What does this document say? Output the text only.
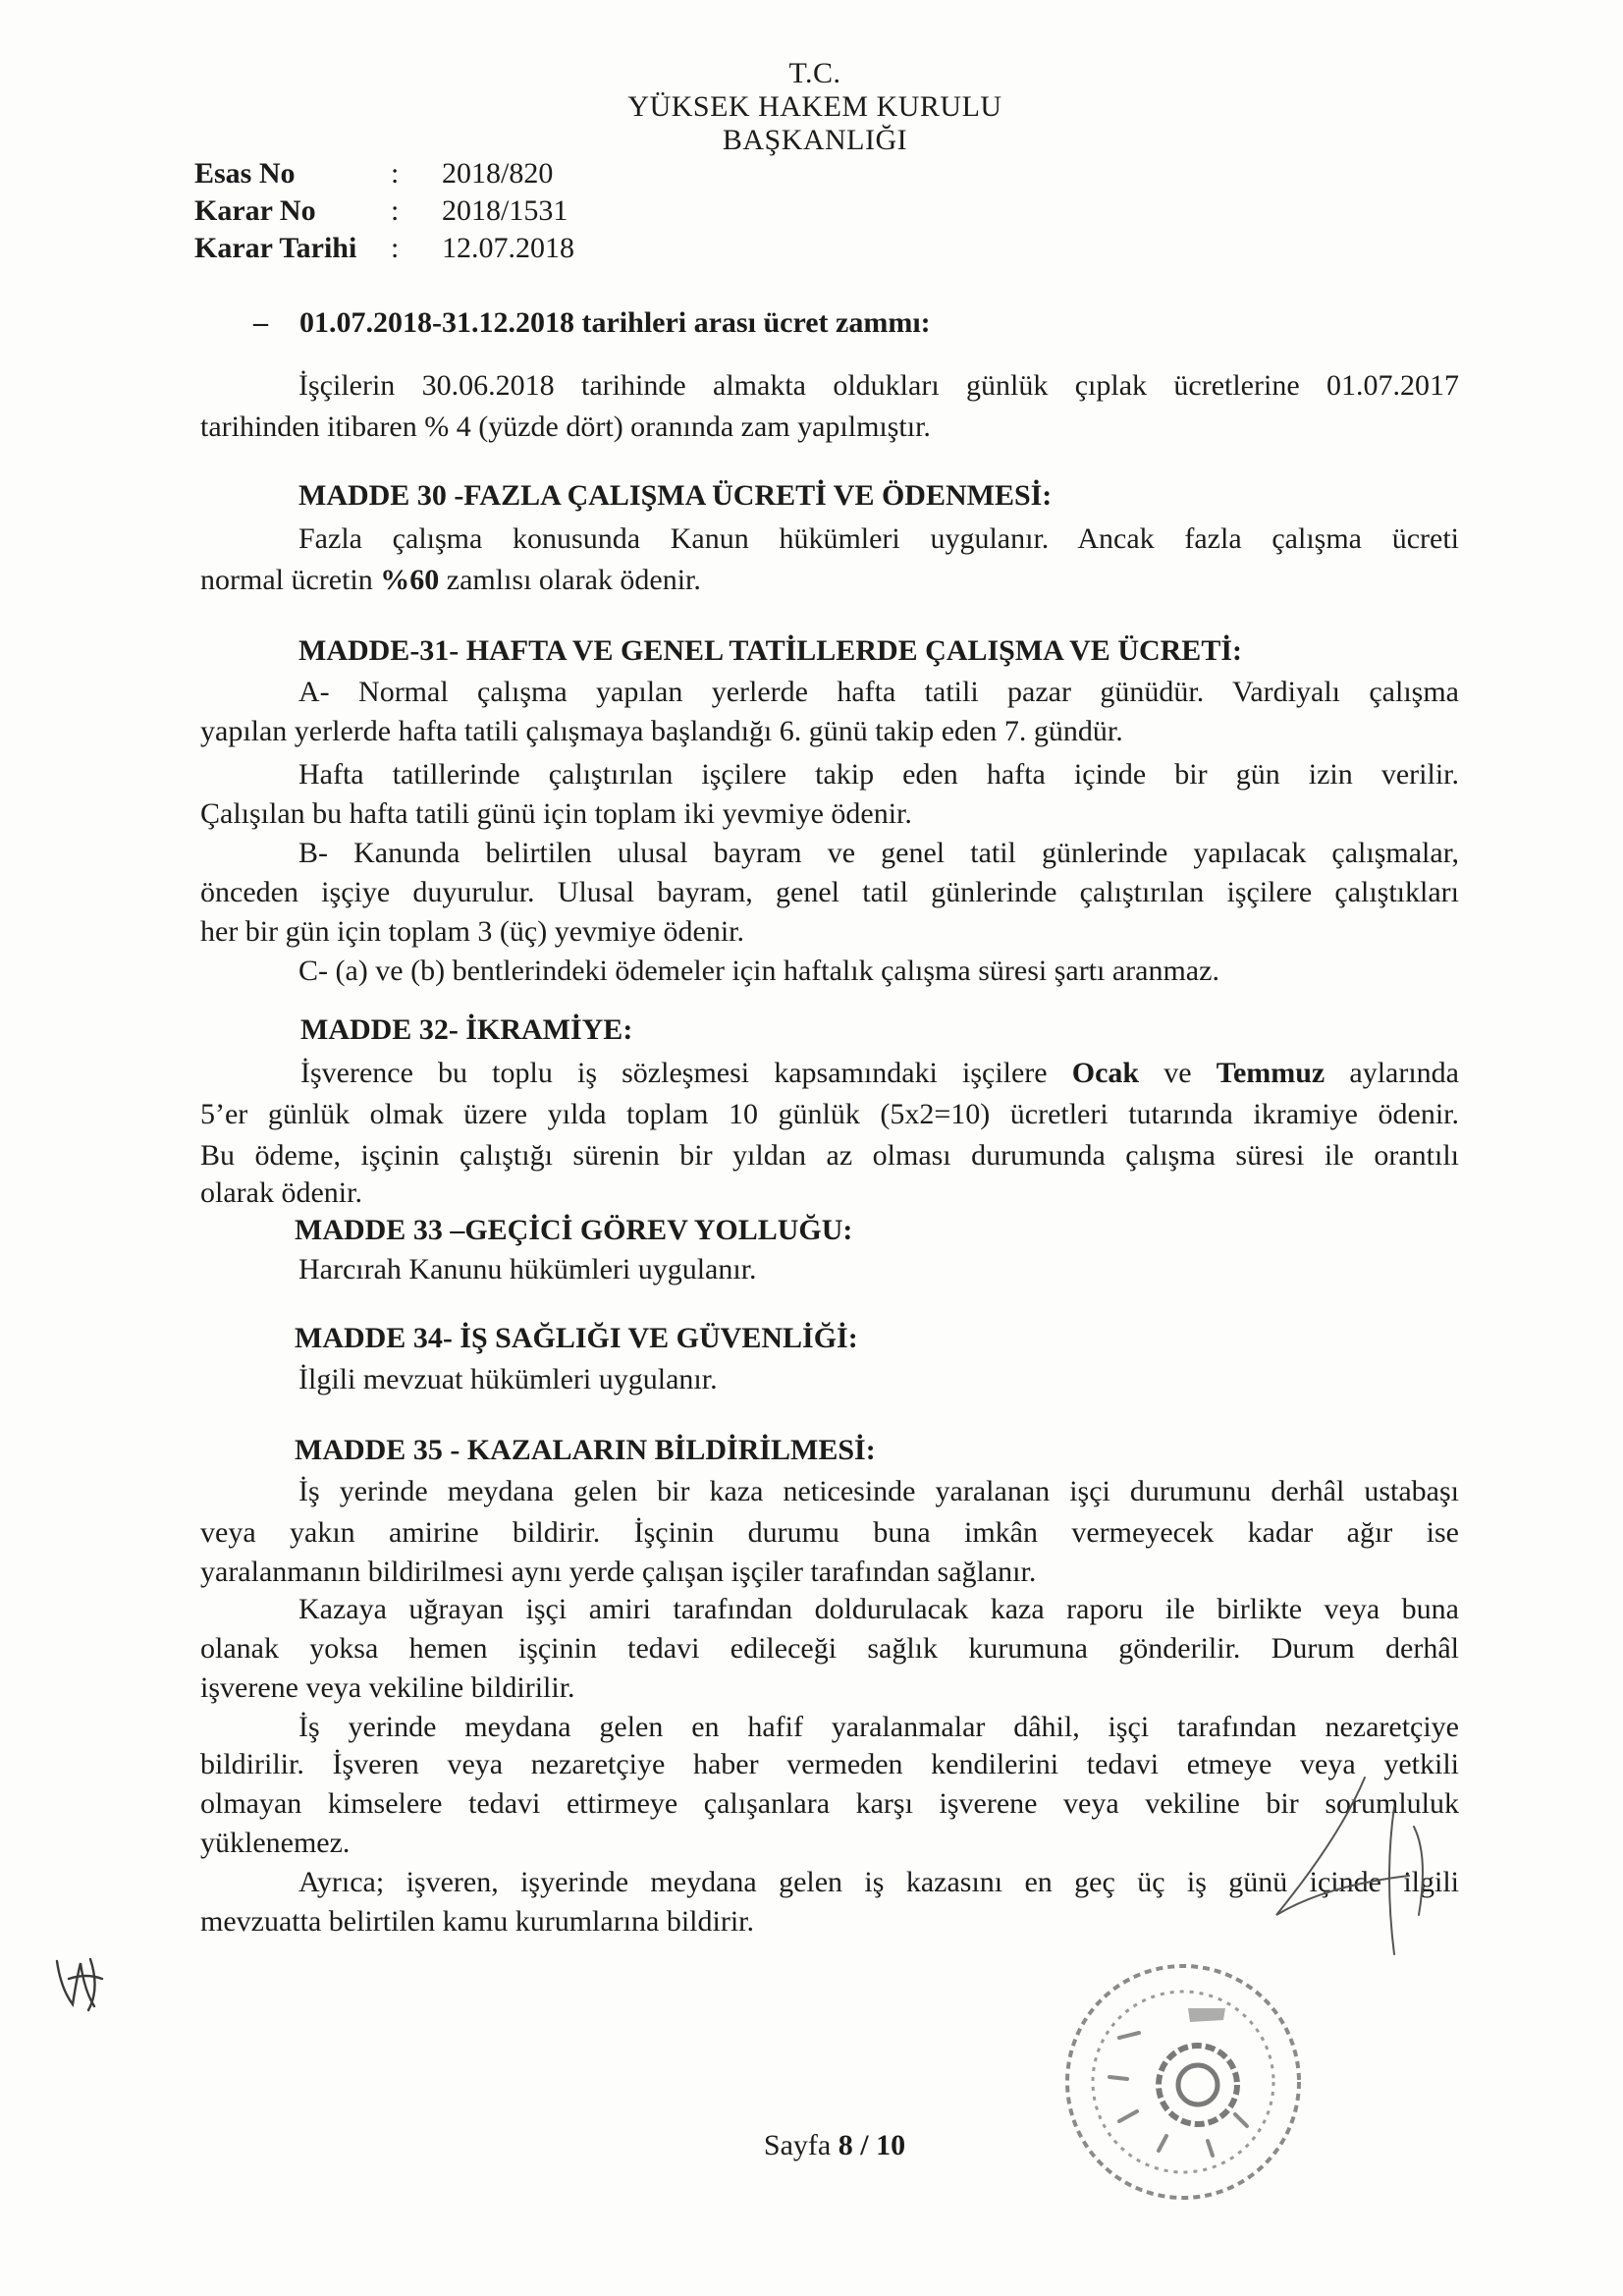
T.C.
YÜKSEK HAKEM KURULU
BAŞKANLIĞI
Esas No	: 2018/820
Karar No	: 2018/1531
Karar Tarihi : 12.07.2018
– 01.07.2018-31.12.2018 tarihleri arası ücret zammı:
İşçilerin 30.06.2018 tarihinde almakta oldukları günlük çıplak ücretlerine 01.07.2017
tarihinden itibaren % 4 (yüzde dört) oranında zam yapılmıştır.
MADDE 30 -FAZLA ÇALIŞMA ÜCRETİ VE ÖDENMESİ:
Fazla çalışma konusunda Kanun hükümleri uygulanır. Ancak fazla çalışma ücreti
normal ücretin %60 zamlısı olarak ödenir.
MADDE-31- HAFTA VE GENEL TATİLLERDE ÇALIŞMA VE ÜCRETİ:
A- Normal çalışma yapılan yerlerde hafta tatili pazar günüdür. Vardiyalı çalışma
yapılan yerlerde hafta tatili çalışmaya başlandığı 6. günü takip eden 7. gündür.
Hafta tatillerinde çalıştırılan işçilere takip eden hafta içinde bir gün izin verilir.
Çalışılan bu hafta tatili günü için toplam iki yevmiye ödenir.
B- Kanunda belirtilen ulusal bayram ve genel tatil günlerinde yapılacak çalışmalar,
önceden işçiye duyurulur. Ulusal bayram, genel tatil günlerinde çalıştırılan işçilere çalıştıkları
her bir gün için toplam 3 (üç) yevmiye ödenir.
C- (a) ve (b) bentlerindeki ödemeler için haftalık çalışma süresi şartı aranmaz.
MADDE 32- İKRAMİYE:
İşverence bu toplu iş sözleşmesi kapsamındaki işçilere Ocak ve Temmuz aylarında
5’er günlük olmak üzere yılda toplam 10 günlük (5x2=10) ücretleri tutarında ikramiye ödenir.
Bu ödeme, işçinin çalıştığı sürenin bir yıldan az olması durumunda çalışma süresi ile orantılı
olarak ödenir.
MADDE 33 –GEÇİCİ GÖREV YOLLUĞU:
Harcırah Kanunu hükümleri uygulanır.
MADDE 34- İŞ SAĞLIĞI VE GÜVENLİĞİ:
İlgili mevzuat hükümleri uygulanır.
MADDE 35 - KAZALARIN BİLDİRİLMESİ:
İş yerinde meydana gelen bir kaza neticesinde yaralanan işçi durumunu derhâl ustabaşı
veya yakın amirine bildirir. İşçinin durumu buna imkân vermeyecek kadar ağır ise
yaralanmanın bildirilmesi aynı yerde çalışan işçiler tarafından sağlanır.
Kazaya uğrayan işçi amiri tarafından doldurulacak kaza raporu ile birlikte veya buna
olanak yoksa hemen işçinin tedavi edileceği sağlık kurumuna gönderilir. Durum derhâl
işverene veya vekiline bildirilir.
İş yerinde meydana gelen en hafif yaralanmalar dâhil, işçi tarafından nezaretçiye
bildirilir. İşveren veya nezaretçiye haber vermeden kendilerini tedavi etmeye veya yetkili
olmayan kimselere tedavi ettirmeye çalışanlara karşı işverene veya vekiline bir sorumluluk
yüklenemez.
Ayrıca; işveren, işyerinde meydana gelen iş kazasını en geç üç iş günü içinde ilgili
mevzuatta belirtilen kamu kurumlarına bildirir.
Sayfa 8 / 10
